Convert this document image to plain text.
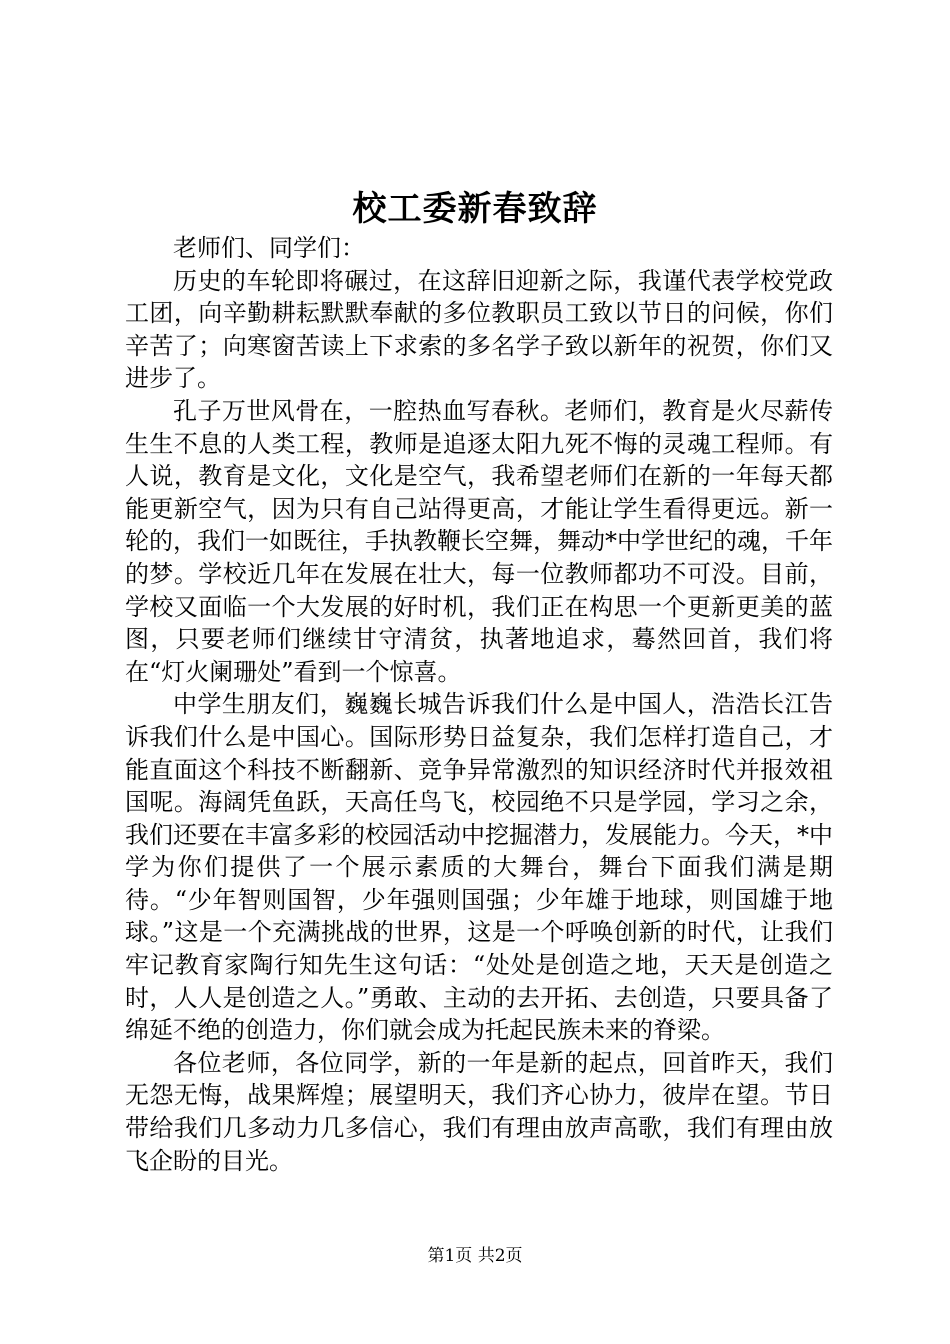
校工委新春致辞

老师们、同学们：

历史的车轮即将碾过，在这辞旧迎新之际，我谨代表学校党政工团，向辛勤耕耘默默奉献的多位教职员工致以节日的问候，你们辛苦了；向寒窗苦读上下求索的多名学子致以新年的祝贺，你们又进步了。

孔子万世风骨在，一腔热血写春秋。老师们，教育是火尽薪传生生不息的人类工程，教师是追逐太阳九死不悔的灵魂工程师。有人说，教育是文化，文化是空气，我希望老师们在新的一年每天都能更新空气，因为只有自己站得更高，才能让学生看得更远。新一轮的，我们一如既往，手执教鞭长空舞，舞动*中学世纪的魂，千年的梦。学校近几年在发展在壮大，每一位教师都功不可没。目前，学校又面临一个大发展的好时机，我们正在构思一个更新更美的蓝图，只要老师们继续甘守清贫，执著地追求，蓦然回首，我们将在“灯火阑珊处”看到一个惊喜。

中学生朋友们，巍巍长城告诉我们什么是中国人，浩浩长江告诉我们什么是中国心。国际形势日益复杂，我们怎样打造自己，才能直面这个科技不断翻新、竞争异常激烈的知识经济时代并报效祖国呢。海阔凭鱼跃，天高任鸟飞，校园绝不只是学园，学习之余，我们还要在丰富多彩的校园活动中挖掘潜力，发展能力。今天，*中学为你们提供了一个展示素质的大舞台，舞台下面我们满是期待。“少年智则国智，少年强则国强；少年雄于地球，则国雄于地球。”这是一个充满挑战的世界，这是一个呼唤创新的时代，让我们牢记教育家陶行知先生这句话：“处处是创造之地，天天是创造之时，人人是创造之人。”勇敢、主动的去开拓、去创造，只要具备了绵延不绝的创造力，你们就会成为托起民族未来的脊梁。

各位老师，各位同学，新的一年是新的起点，回首昨天，我们无怨无悔，战果辉煌；展望明天，我们齐心协力，彼岸在望。节日带给我们几多动力几多信心，我们有理由放声高歌，我们有理由放飞企盼的目光。

第1页 共2页
